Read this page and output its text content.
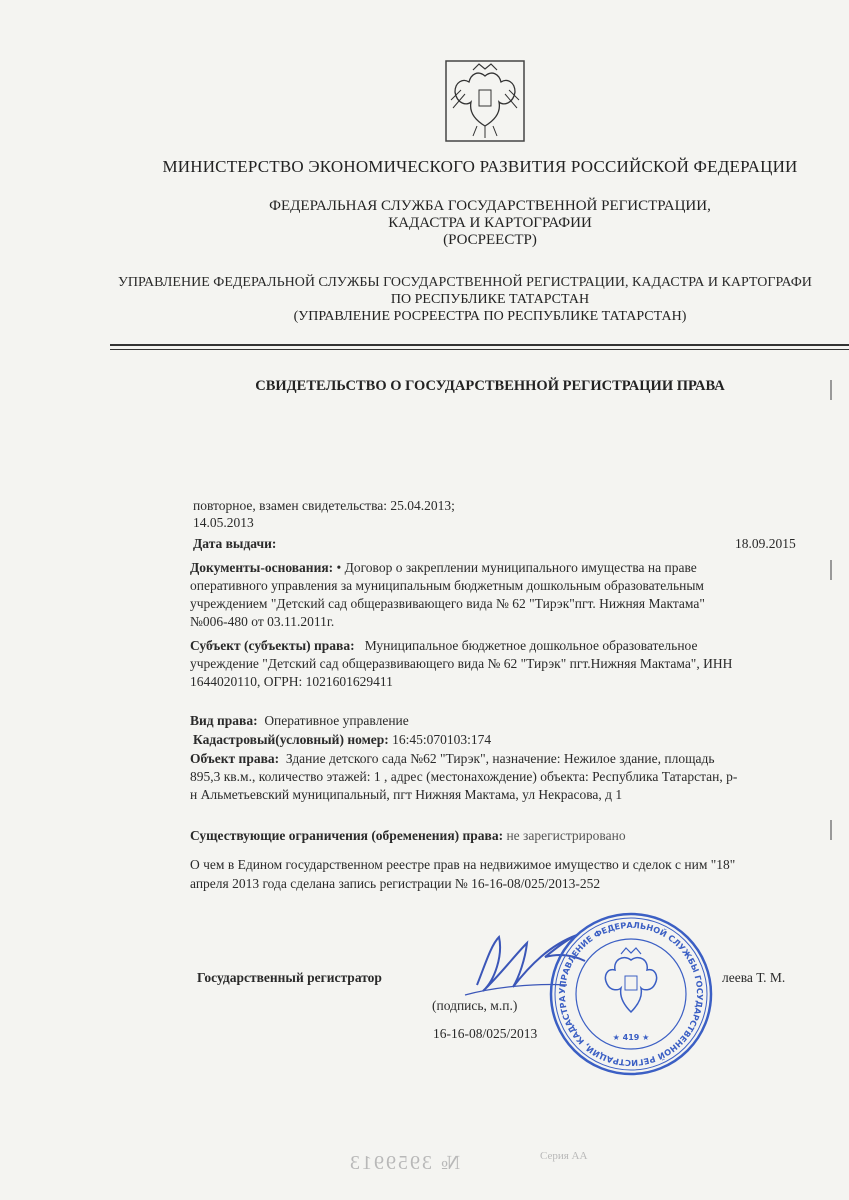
МИНИСТЕРСТВО ЭКОНОМИЧЕСКОГО РАЗВИТИЯ РОССИЙСКОЙ ФЕДЕРАЦИИ
ФЕДЕРАЛЬНАЯ СЛУЖБА ГОСУДАРСТВЕННОЙ РЕГИСТРАЦИИ,
КАДАСТРА И КАРТОГРАФИИ
(РОСРЕЕСТР)
УПРАВЛЕНИЕ ФЕДЕРАЛЬНОЙ СЛУЖБЫ ГОСУДАРСТВЕННОЙ РЕГИСТРАЦИИ, КАДАСТРА И КАРТОГРАФИ
ПО РЕСПУБЛИКЕ ТАТАРСТАН
(УПРАВЛЕНИЕ РОСРЕЕСТРА ПО РЕСПУБЛИКЕ ТАТАРСТАН)
СВИДЕТЕЛЬСТВО О ГОСУДАРСТВЕННОЙ РЕГИСТРАЦИИ ПРАВА
повторное, взамен свидетельства: 25.04.2013;
14.05.2013
Дата выдачи:	18.09.2015
Документы-основания: • Договор о закреплении муниципального имущества на праве
оперативного управления за муниципальным бюджетным дошкольным образовательным
учреждением "Детский сад общеразвивающего вида № 62 "Тирэк"пгт. Нижняя Мактама"
№006-480 от 03.11.2011г.
Субъект (субъекты) права: Муниципальное бюджетное дошкольное образовательное
учреждение "Детский сад общеразвивающего вида № 62 "Тирэк" пгт.Нижняя Мактама", ИНН
1644020110, ОГРН: 1021601629411
Вид права: Оперативное управление
Кадастровый(условный) номер: 16:45:070103:174
Объект права: Здание детского сада №62 "Тирэк", назначение: Нежилое здание, площадь
895,3 кв.м., количество этажей: 1 , адрес (местонахождение) объекта: Республика Татарстан, р-
н Альметьевский муниципальный, пгт Нижняя Мактама, ул Некрасова, д 1
Существующие ограничения (обременения) права: не зарегистрировано
О чем в Едином государственном реестре прав на недвижимое имущество и сделок с ним "18"
апреля 2013 года сделана запись регистрации № 16-16-08/025/2013-252
Государственный регистратор	леева Т. М.
(подпись, м.п.)
16-16-08/025/2013
УПРАВЛЕНИЕ ФЕДЕРАЛЬНОЙ СЛУЖБЫ ГОСУДАРСТВЕННОЙ РЕГИСТРАЦИИ, КАДАСТРА
★ 419 ★
Серия АА
№ 3959913
